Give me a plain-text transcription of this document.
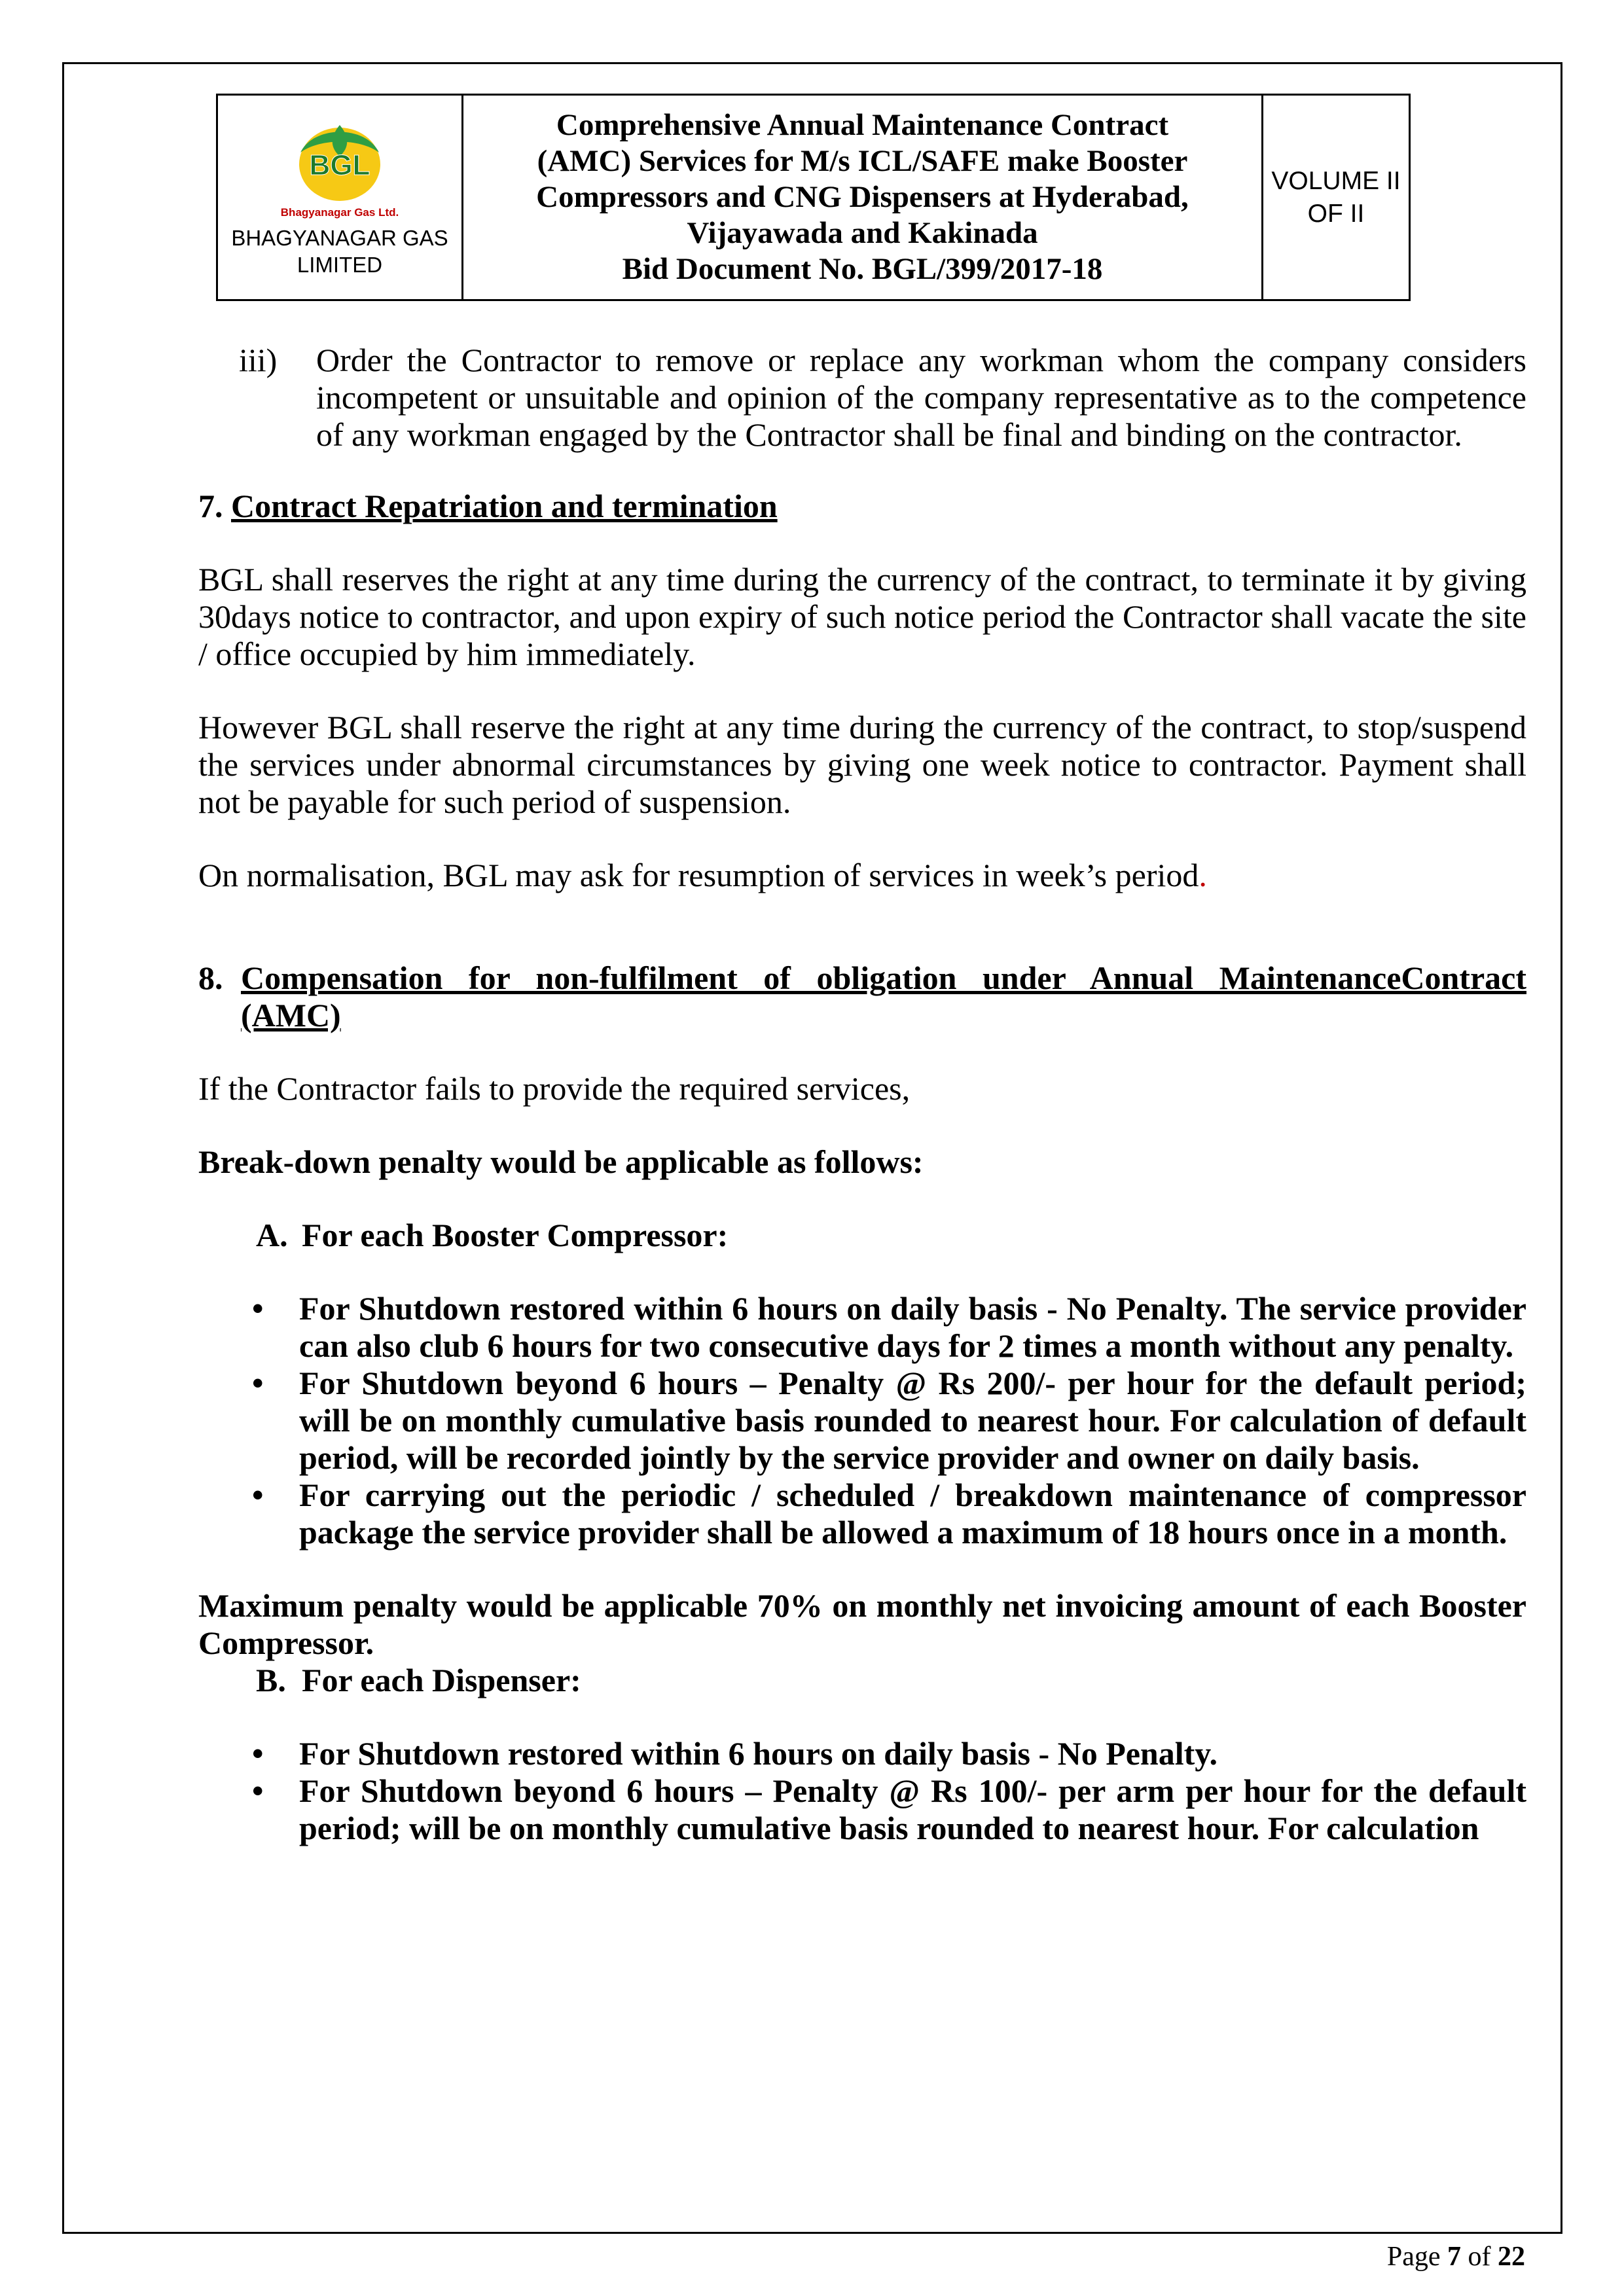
BGL
Bhagyanagar Gas Ltd.
BHAGYANAGAR GAS
LIMITED
Comprehensive Annual Maintenance Contract
(AMC) Services for M/s ICL/SAFE make Booster
Compressors and CNG Dispensers at Hyderabad,
Vijayawada and Kakinada
Bid Document No. BGL/399/2017-18
VOLUME II
OF II
iii)	Order the Contractor to remove or replace any workman whom the company considers incompetent or unsuitable and opinion of the company representative as to the competence of any workman engaged by the Contractor shall be final and binding on the contractor.

7. Contract Repatriation and termination

BGL shall reserves the right at any time during the currency of the contract, to terminate it by giving 30days notice to contractor, and upon expiry of such notice period the Contractor shall vacate the site / office occupied by him immediately.

However BGL shall reserve the right at any time during the currency of the contract, to stop/suspend the services under abnormal circumstances by giving one week notice to contractor. Payment shall not be payable for such period of suspension.

On normalisation, BGL may ask for resumption of services in week’s period.

8. Compensation for non-fulfilment of obligation under Annual MaintenanceContract
(AMC)

If the Contractor fails to provide the required services,

Break-down penalty would be applicable as follows:

A. For each Booster Compressor:
• For Shutdown restored within 6 hours on daily basis - No Penalty. The service provider can also club 6 hours for two consecutive days for 2 times a month without any penalty.
• For Shutdown beyond 6 hours – Penalty @ Rs 200/- per hour for the default period; will be on monthly cumulative basis rounded to nearest hour. For calculation of default period, will be recorded jointly by the service provider and owner on daily basis.
• For carrying out the periodic / scheduled / breakdown maintenance of compressor package the service provider shall be allowed a maximum of 18 hours once in a month.

Maximum penalty would be applicable 70% on monthly net invoicing amount of each Booster Compressor.

B. For each Dispenser:
• For Shutdown restored within 6 hours on daily basis - No Penalty.
• For Shutdown beyond 6 hours – Penalty @ Rs 100/- per arm per hour for the default period; will be on monthly cumulative basis rounded to nearest hour. For calculation
Page 7 of 22
